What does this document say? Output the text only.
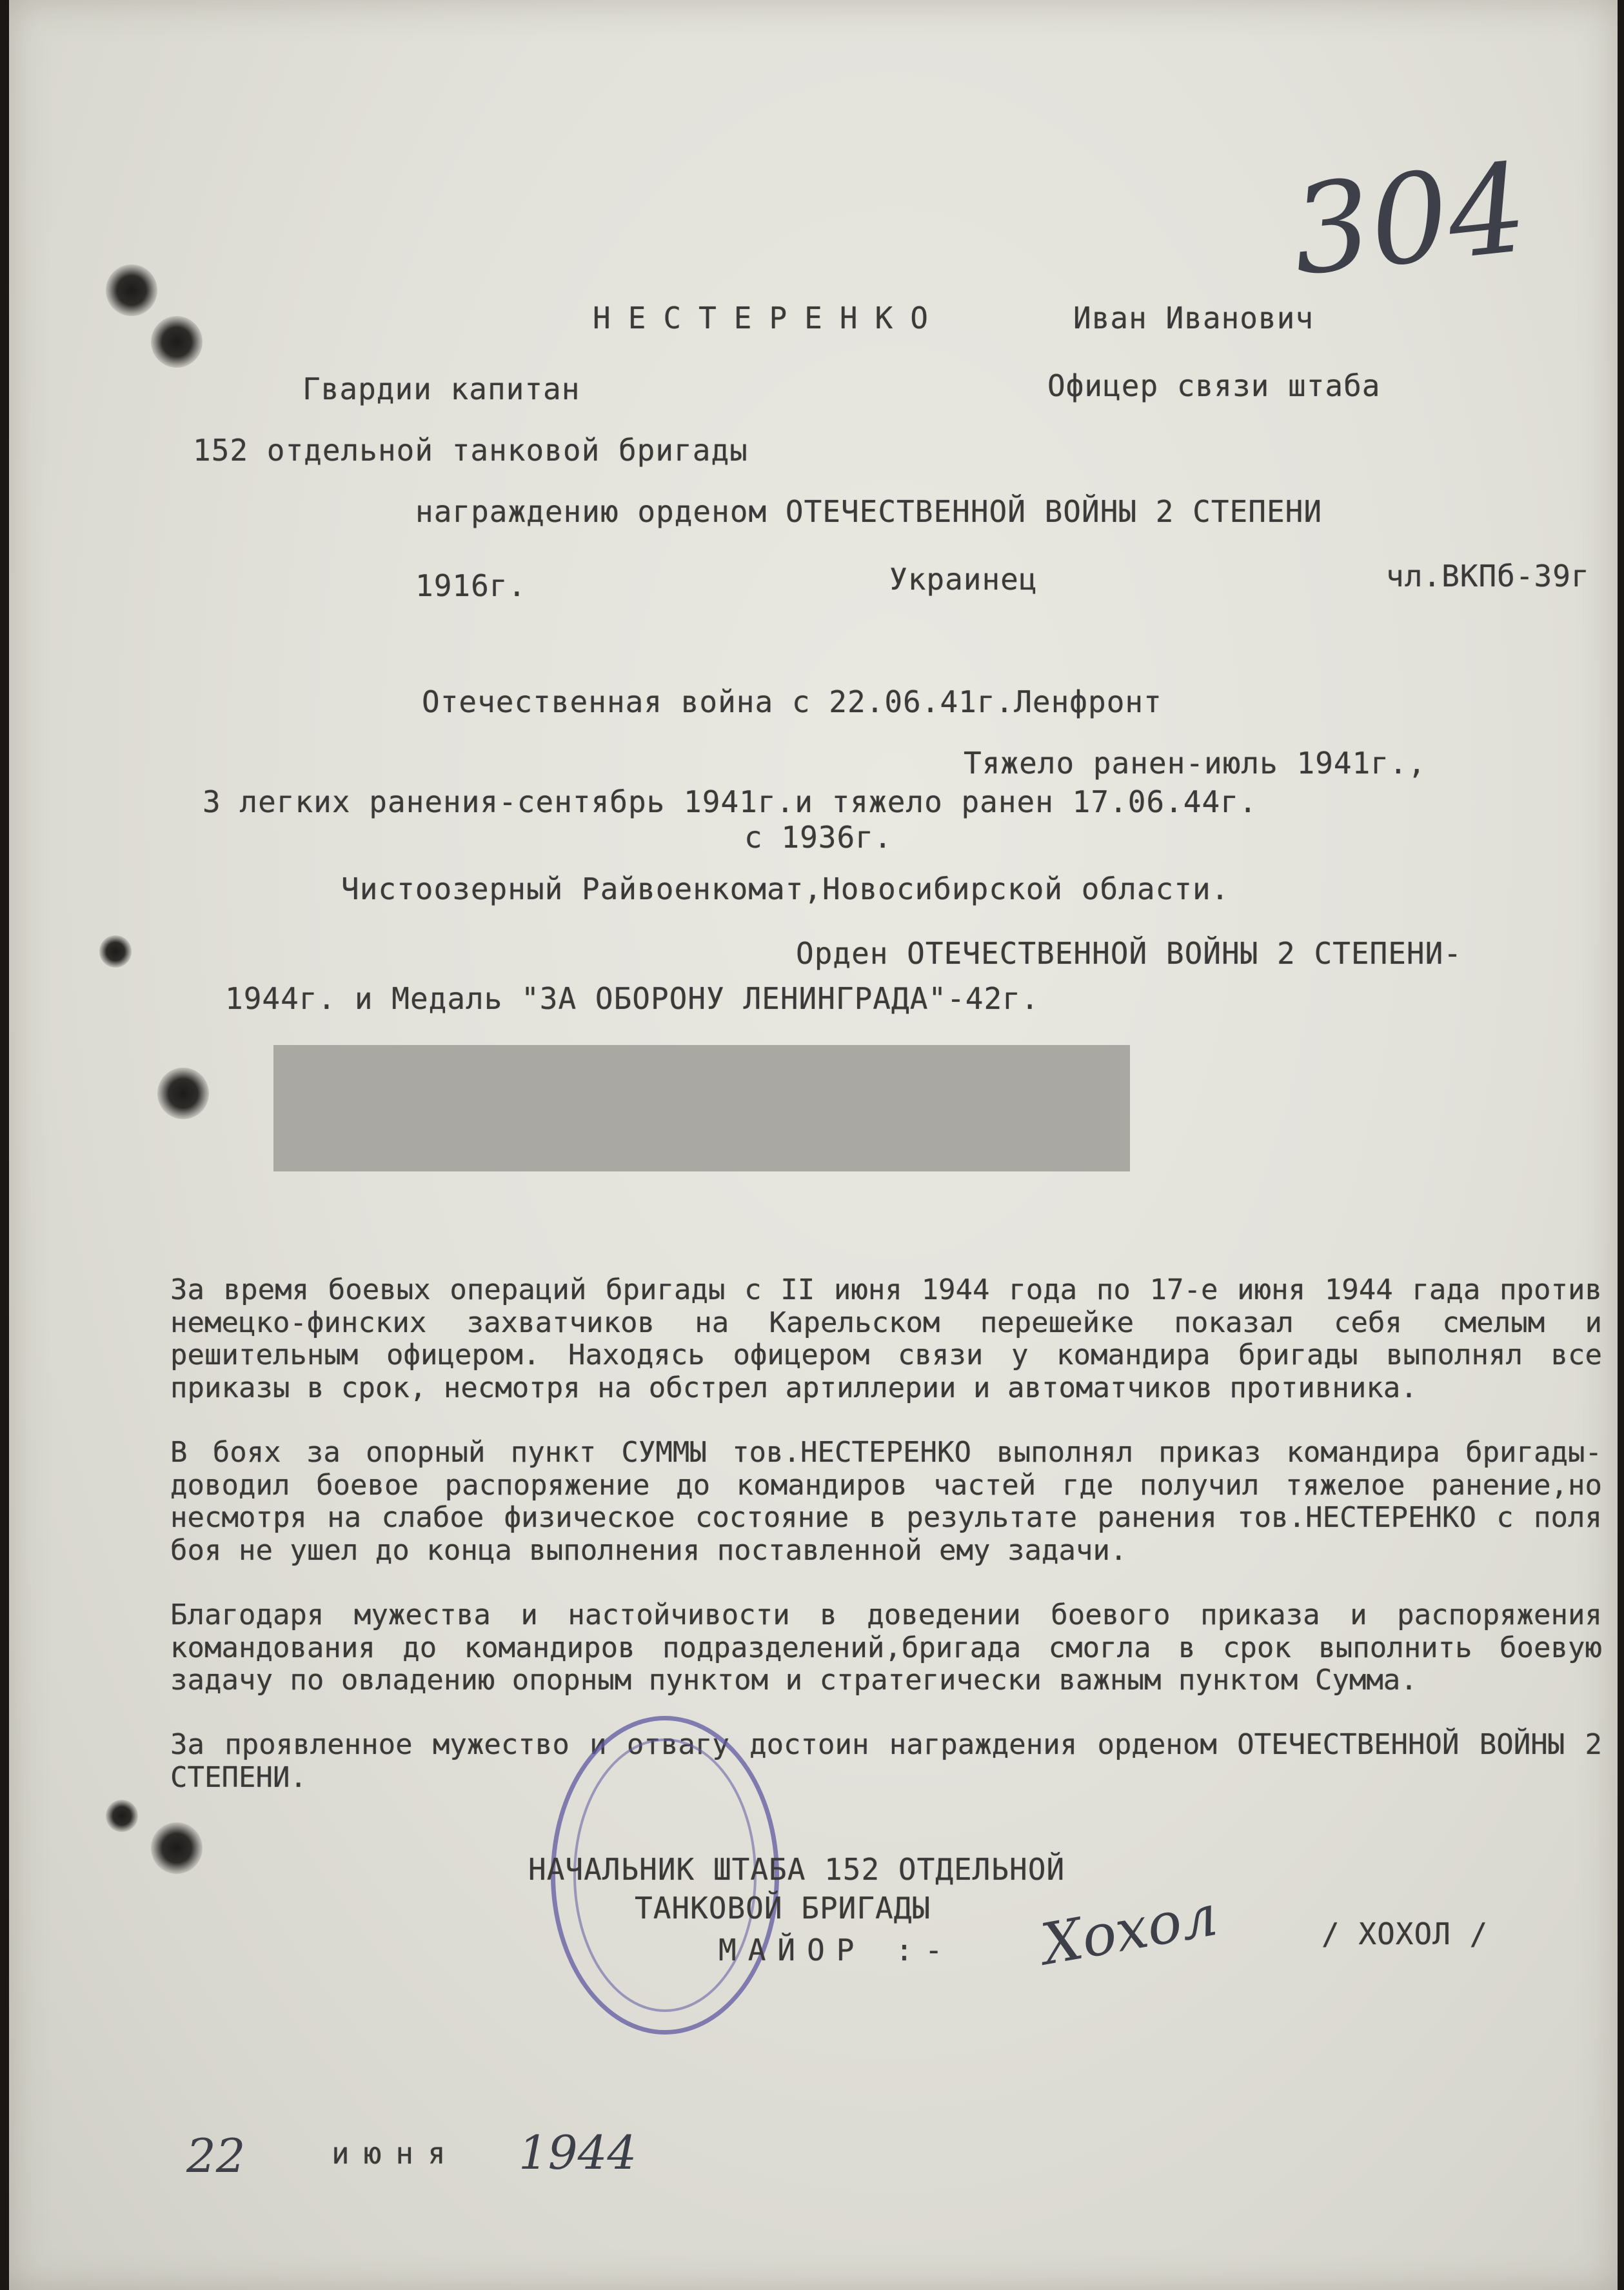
304
НЕСТЕРЕНКО	Иван Иванович
Гвардии капитан	Офицер связи штаба
152 отдельной танковой бригады
награждению орденом ОТЕЧЕСТВЕННОЙ ВОЙНЫ 2 СТЕПЕНИ
1916г.	Украинец	чл.ВКПб-39г
Отечественная война с 22.06.41г.Ленфронт
Тяжело ранен-июль 1941г.,
3 легких ранения-сентябрь 1941г.и тяжело ранен 17.06.44г.
с 1936г.
Чистоозерный Райвоенкомат,Новосибирской области.
Орден ОТЕЧЕСТВЕННОЙ ВОЙНЫ 2 СТЕПЕНИ-
1944г. и Медаль "ЗА ОБОРОНУ ЛЕНИНГРАДА"-42г.

За время боевых операций бригады с II июня 1944 года по 17-е июня 1944 гада против немецко-финских захватчиков на Карельском перешейке показал себя смелым и решительным офицером. Находясь офицером связи у командира бригады выполнял все приказы в срок, несмотря на обстрел артиллерии и автоматчиков противника.

В боях за опорный пункт СУММЫ тов.НЕСТЕРЕНКО выполнял приказ командира бригады-доводил боевое распоряжение до командиров частей где получил тяжелое ранение,но несмотря на слабое физическое состояние в результате ранения тов.НЕСТЕРЕНКО с поля боя не ушел до конца выполнения поставленной ему задачи.

Благодаря мужества и настойчивости в доведении боевого приказа и распоряжения командования до командиров подразделений,бригада смогла в срок выполнить боевую задачу по овладению опорным пунктом и стратегически важным пунктом Сумма.

За проявленное мужество и отвагу достоин награждения орденом ОТЕЧЕСТВЕННОЙ ВОЙНЫ 2 СТЕПЕНИ.

НАЧАЛЬНИК ШТАБА 152 ОТДЕЛЬНОЙ
ТАНКОВОЙ БРИГАДЫ
МАЙОР :- Хохол	/ ХОХОЛ /
22	июня 1944
